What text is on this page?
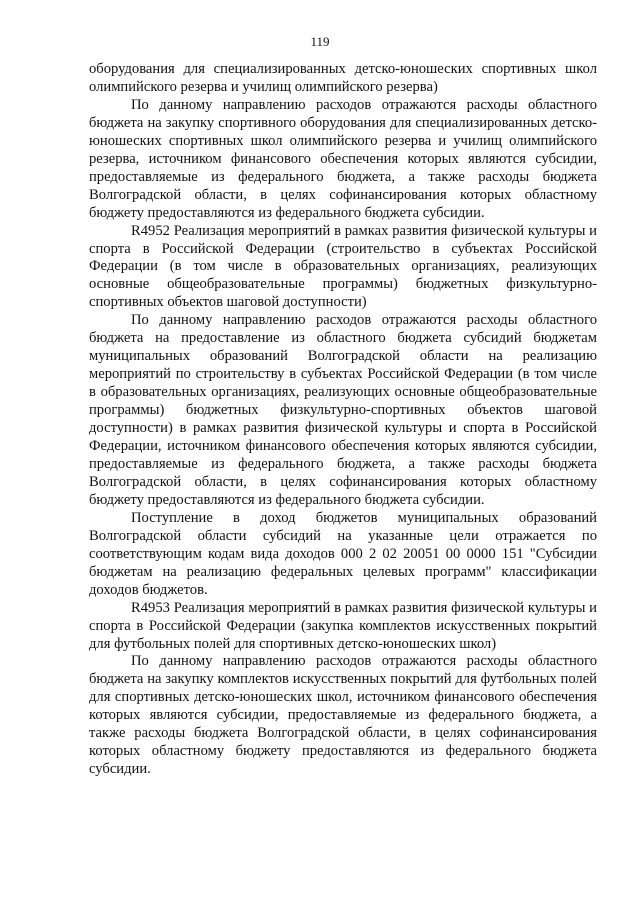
119

оборудования для специализированных детско-юношеских спортивных школ олимпийского резерва и училищ олимпийского резерва)

По данному направлению расходов отражаются расходы областного бюджета на закупку спортивного оборудования для специализированных детско-юношеских спортивных школ олимпийского резерва и училищ олимпийского резерва, источником финансового обеспечения которых являются субсидии, предоставляемые из федерального бюджета, а также расходы бюджета Волгоградской области, в целях софинансирования которых областному бюджету предоставляются из федерального бюджета субсидии.

R4952 Реализация мероприятий в рамках развития физической культуры и спорта в Российской Федерации (строительство в субъектах Российской Федерации (в том числе в образовательных организациях, реализующих основные общеобразовательные программы) бюджетных физкультурно-спортивных объектов шаговой доступности)

По данному направлению расходов отражаются расходы областного бюджета на предоставление из областного бюджета субсидий бюджетам муниципальных образований Волгоградской области на реализацию мероприятий по строительству в субъектах Российской Федерации (в том числе в образовательных организациях, реализующих основные общеобразовательные программы) бюджетных физкультурно-спортивных объектов шаговой доступности) в рамках развития физической культуры и спорта в Российской Федерации, источником финансового обеспечения которых являются субсидии, предоставляемые из федерального бюджета, а также расходы бюджета Волгоградской области, в целях софинансирования которых областному бюджету предоставляются из федерального бюджета субсидии.

Поступление в доход бюджетов муниципальных образований Волгоградской области субсидий на указанные цели отражается по соответствующим кодам вида доходов 000 2 02 20051 00 0000 151 "Субсидии бюджетам на реализацию федеральных целевых программ" классификации доходов бюджетов.

R4953 Реализация мероприятий в рамках развития физической культуры и спорта в Российской Федерации (закупка комплектов искусственных покрытий для футбольных полей для спортивных детско-юношеских школ)

По данному направлению расходов отражаются расходы областного бюджета на закупку комплектов искусственных покрытий для футбольных полей для спортивных детско-юношеских школ, источником финансового обеспечения которых являются субсидии, предоставляемые из федерального бюджета, а также расходы бюджета Волгоградской области, в целях софинансирования которых областному бюджету предоставляются из федерального бюджета субсидии.
